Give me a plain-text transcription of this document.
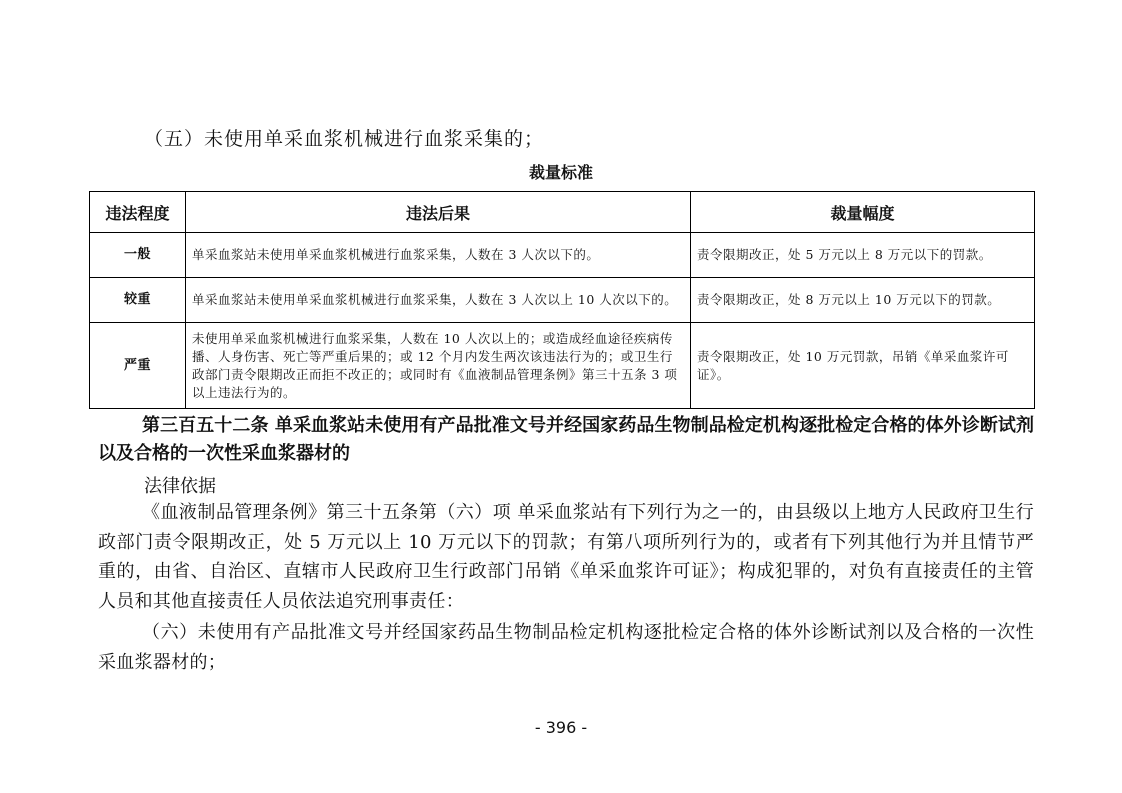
（五）未使用单采血浆机械进行血浆采集的；

裁量标准

违法程度	违法后果	裁量幅度
一般	单采血浆站未使用单采血浆机械进行血浆采集，人数在 3 人次以下的。	责令限期改正，处 5 万元以上 8 万元以下的罚款。
较重	单采血浆站未使用单采血浆机械进行血浆采集，人数在 3 人次以上 10 人次以下的。	责令限期改正，处 8 万元以上 10 万元以下的罚款。
严重	未使用单采血浆机械进行血浆采集，人数在 10 人次以上的；或造成经血途径疾病传播、人身伤害、死亡等严重后果的；或 12 个月内发生两次该违法行为的；或卫生行政部门责令限期改正而拒不改正的；或同时有《血液制品管理条例》第三十五条 3 项以上违法行为的。	责令限期改正，处 10 万元罚款，吊销《单采血浆许可证》。

第三百五十二条 单采血浆站未使用有产品批准文号并经国家药品生物制品检定机构逐批检定合格的体外诊断试剂以及合格的一次性采血浆器材的

法律依据

《血液制品管理条例》第三十五条第（六）项 单采血浆站有下列行为之一的，由县级以上地方人民政府卫生行政部门责令限期改正，处 5 万元以上 10 万元以下的罚款；有第八项所列行为的，或者有下列其他行为并且情节严重的，由省、自治区、直辖市人民政府卫生行政部门吊销《单采血浆许可证》；构成犯罪的，对负有直接责任的主管人员和其他直接责任人员依法追究刑事责任：

（六）未使用有产品批准文号并经国家药品生物制品检定机构逐批检定合格的体外诊断试剂以及合格的一次性采血浆器材的；

- 396 -
